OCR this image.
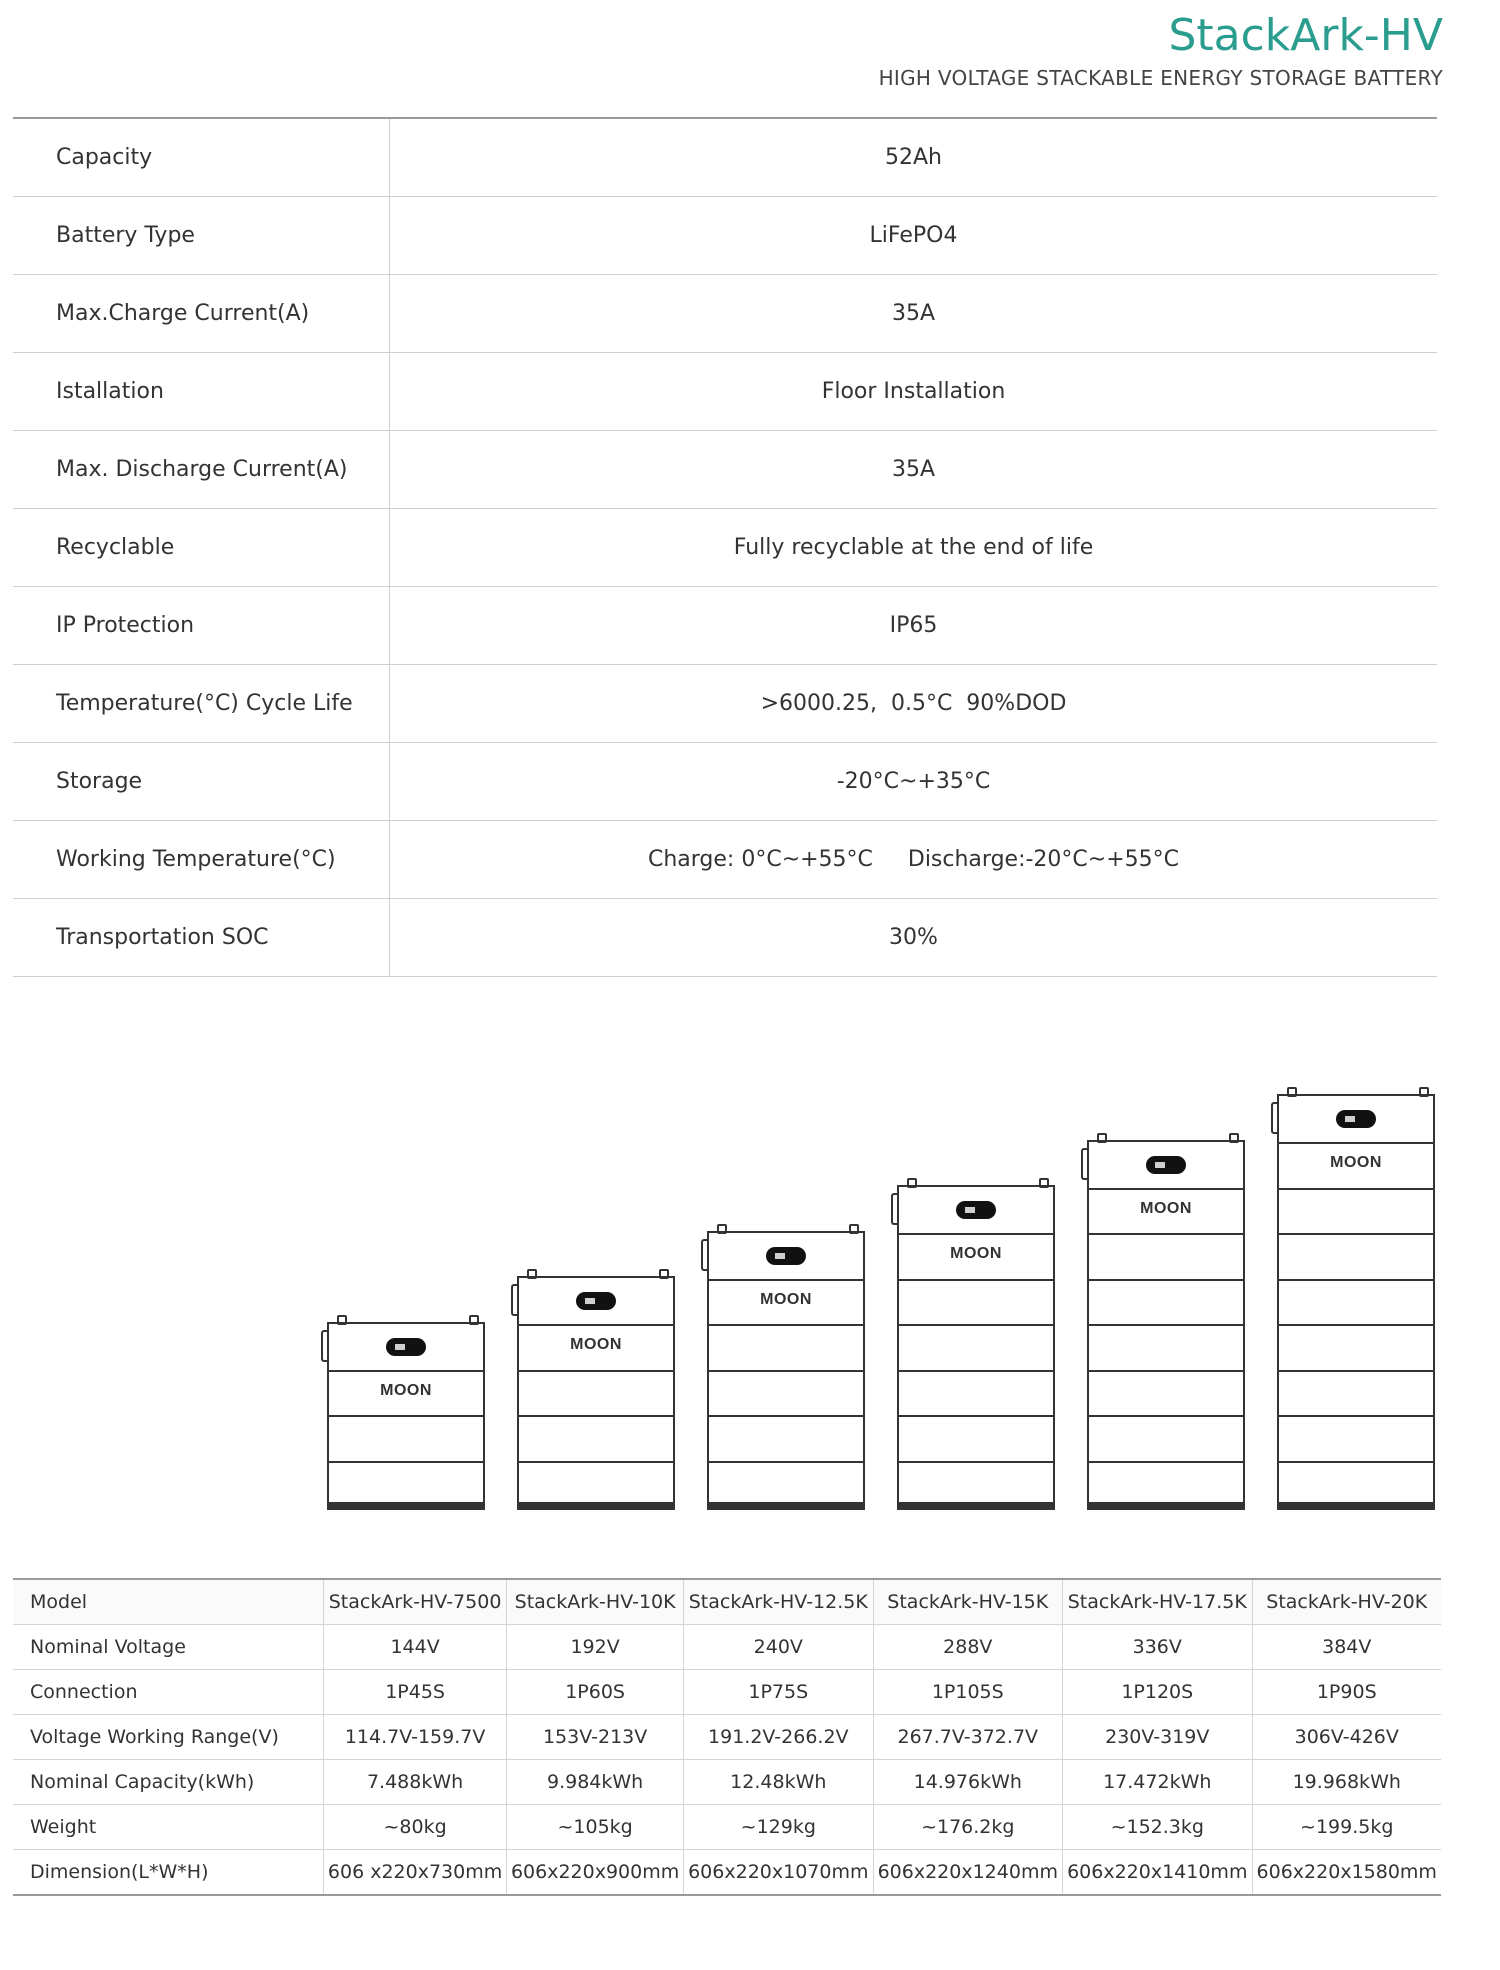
StackArk-HV
HIGH VOLTAGE STACKABLE ENERGY STORAGE BATTERY
Capacity	52Ah
Battery Type	LiFePO4
Max.Charge Current(A)	35A
Istallation	Floor Installation
Max. Discharge Current(A)	35A
Recyclable	Fully recyclable at the end of life
IP Protection	IP65
Temperature(°C) Cycle Life	>6000.25,  0.5°C  90%DOD
Storage	-20°C~+35°C
Working Temperature(°C)	Charge: 0°C~+55°C     Discharge:-20°C~+55°C
Transportation SOC	30%
MOON
MOON
MOON
MOON
MOON
MOON
Model	StackArk-HV-7500	StackArk-HV-10K	StackArk-HV-12.5K	StackArk-HV-15K	StackArk-HV-17.5K	StackArk-HV-20K
Nominal Voltage	144V	192V	240V	288V	336V	384V
Connection	1P45S	1P60S	1P75S	1P105S	1P120S	1P90S
Voltage Working Range(V)	114.7V-159.7V	153V-213V	191.2V-266.2V	267.7V-372.7V	230V-319V	306V-426V
Nominal Capacity(kWh)	7.488kWh	9.984kWh	12.48kWh	14.976kWh	17.472kWh	19.968kWh
Weight	~80kg	~105kg	~129kg	~176.2kg	~152.3kg	~199.5kg
Dimension(L*W*H)	606 x220x730mm	606x220x900mm	606x220x1070mm	606x220x1240mm	606x220x1410mm	606x220x1580mm
